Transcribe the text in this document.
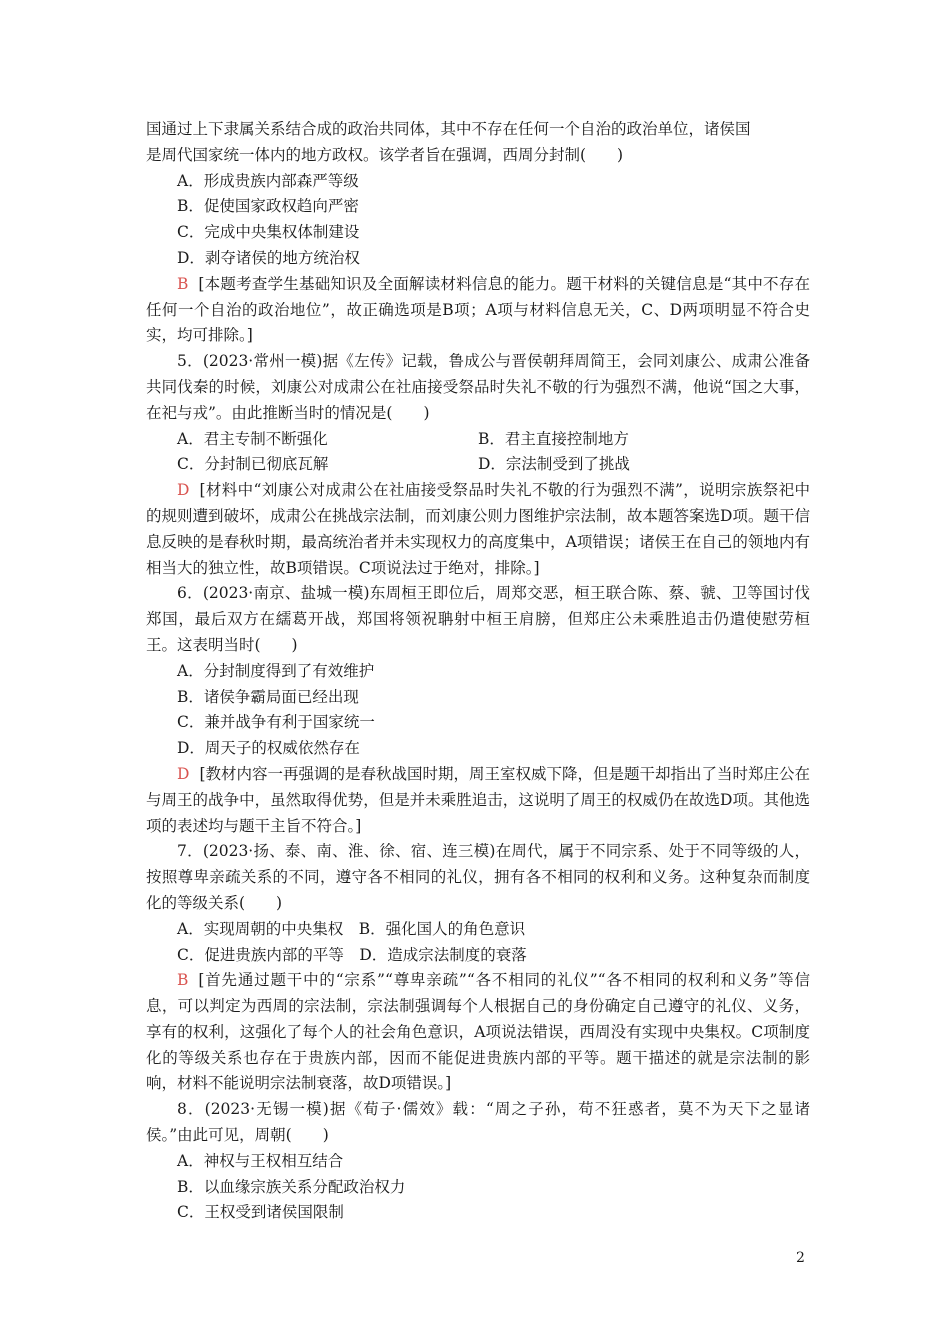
国通过上下隶属关系结合成的政治共同体，其中不存在任何一个自治的政治单位，诸侯国
是周代国家统一体内的地方政权。该学者旨在强调，西周分封制(　　)

A．形成贵族内部森严等级

B．促使国家政权趋向严密

C．完成中央集权体制建设

D．剥夺诸侯的地方统治权

B [本题考查学生基础知识及全面解读材料信息的能力。题干材料的关键信息是“其中不存在任何一个自治的政治地位”，故正确选项是B项；A项与材料信息无关，C、D两项明显不符合史实，均可排除。]

5．(2023·常州一模)据《左传》记载，鲁成公与晋侯朝拜周简王，会同刘康公、成肃公准备共同伐秦的时候，刘康公对成肃公在社庙接受祭品时失礼不敬的行为强烈不满，他说“国之大事，在祀与戎”。由此推断当时的情况是(　　)

A．君主专制不断强化	B．君主直接控制地方
C．分封制已彻底瓦解	D．宗法制受到了挑战

D [材料中“刘康公对成肃公在社庙接受祭品时失礼不敬的行为强烈不满”，说明宗族祭祀中的规则遭到破坏，成肃公在挑战宗法制，而刘康公则力图维护宗法制，故本题答案选D项。题干信息反映的是春秋时期，最高统治者并未实现权力的高度集中，A项错误；诸侯王在自己的领地内有相当大的独立性，故B项错误。C项说法过于绝对，排除。]

6．(2023·南京、盐城一模)东周桓王即位后，周郑交恶，桓王联合陈、蔡、虢、卫等国讨伐郑国，最后双方在繻葛开战，郑国将领祝聃射中桓王肩膀，但郑庄公未乘胜追击仍遣使慰劳桓王。这表明当时(　　)

A．分封制度得到了有效维护

B．诸侯争霸局面已经出现

C．兼并战争有利于国家统一

D．周天子的权威依然存在

D [教材内容一再强调的是春秋战国时期，周王室权威下降，但是题干却指出了当时郑庄公在与周王的战争中，虽然取得优势，但是并未乘胜追击，这说明了周王的权威仍在故选D项。其他选项的表述均与题干主旨不符合。]

7．(2023·扬、泰、南、淮、徐、宿、连三模)在周代，属于不同宗系、处于不同等级的人，按照尊卑亲疏关系的不同，遵守各不相同的礼仪，拥有各不相同的权利和义务。这种复杂而制度化的等级关系(　　)

A．实现周朝的中央集权　B．强化国人的角色意识

C．促进贵族内部的平等　D．造成宗法制度的衰落

B [首先通过题干中的“宗系”“尊卑亲疏”“各不相同的礼仪”“各不相同的权利和义务”等信息，可以判定为西周的宗法制，宗法制强调每个人根据自己的身份确定自己遵守的礼仪、义务，享有的权利，这强化了每个人的社会角色意识，A项说法错误，西周没有实现中央集权。C项制度化的等级关系也存在于贵族内部，因而不能促进贵族内部的平等。题干描述的就是宗法制的影响，材料不能说明宗法制衰落，故D项错误。]

8．(2023·无锡一模)据《荀子·儒效》载：“周之子孙，苟不狂惑者，莫不为天下之显诸侯。”由此可见，周朝(　　)

A．神权与王权相互结合

B．以血缘宗族关系分配政治权力

C．王权受到诸侯国限制

2
